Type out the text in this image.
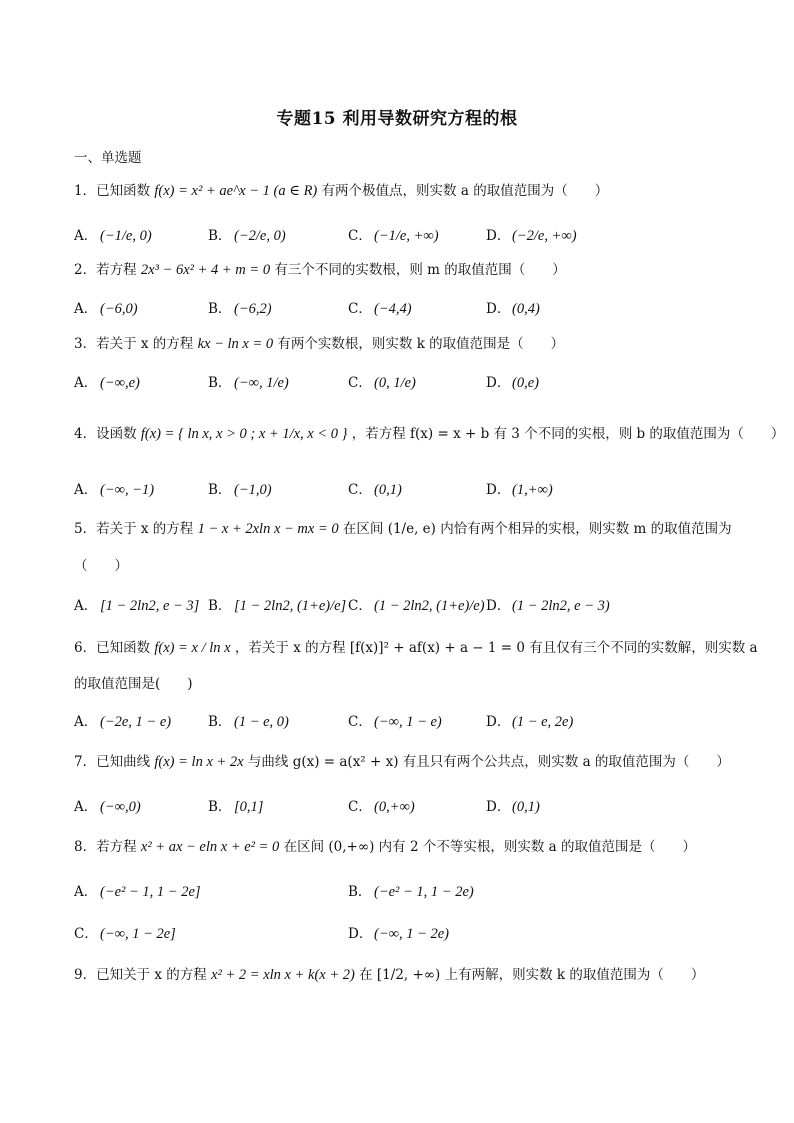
专题15 利用导数研究方程的根
一、单选题
1．已知函数 f(x) = x² + ae^x − 1 (a ∈ R) 有两个极值点，则实数 a 的取值范围为（　　）
A． (−1/e, 0)	B． (−2/e, 0)	C． (−1/e, +∞)	D． (−2/e, +∞)
2．若方程 2x³ − 6x² + 4 + m = 0 有三个不同的实数根，则 m 的取值范围（　　）
A． (−6,0)	B． (−6,2)	C． (−4,4)	D． (0,4)
3．若关于 x 的方程 kx − ln x = 0 有两个实数根，则实数 k 的取值范围是（　　）
A． (−∞,e)	B． (−∞, 1/e)	C． (0, 1/e)	D． (0,e)
4．设函数 f(x) = { ln x, x > 0 ; x + 1/x, x < 0 } ，若方程 f(x) = x + b 有 3 个不同的实根，则 b 的取值范围为（　　）
A． (−∞, −1)	B． (−1,0)	C． (0,1)	D． (1,+∞)
5．若关于 x 的方程 1 − x + 2xln x − mx = 0 在区间 (1/e, e) 内恰有两个相异的实根，则实数 m 的取值范围为
（　　）
A． [1 − 2ln2, e − 3] B． [1 − 2ln2, (1+e)/e] C． (1 − 2ln2, (1+e)/e) D． (1 − 2ln2, e − 3)
6．已知函数 f(x) = x / ln x ，若关于 x 的方程 [f(x)]² + af(x) + a − 1 = 0 有且仅有三个不同的实数解，则实数 a
的取值范围是(　　)
A． (−2e, 1 − e)	B． (1 − e, 0)	C． (−∞, 1 − e)	D． (1 − e, 2e)
7．已知曲线 f(x) = ln x + 2x 与曲线 g(x) = a(x² + x) 有且只有两个公共点，则实数 a 的取值范围为（　　）
A． (−∞,0)	B． [0,1]	C． (0,+∞)	D． (0,1)
8．若方程 x² + ax − eln x + e² = 0 在区间 (0,+∞) 内有 2 个不等实根，则实数 a 的取值范围是（　　）
A． (−e² − 1, 1 − 2e]	B． (−e² − 1, 1 − 2e)
C． (−∞, 1 − 2e]	D． (−∞, 1 − 2e)
9．已知关于 x 的方程 x² + 2 = xln x + k(x + 2) 在 [1/2, +∞) 上有两解，则实数 k 的取值范围为（　　）
